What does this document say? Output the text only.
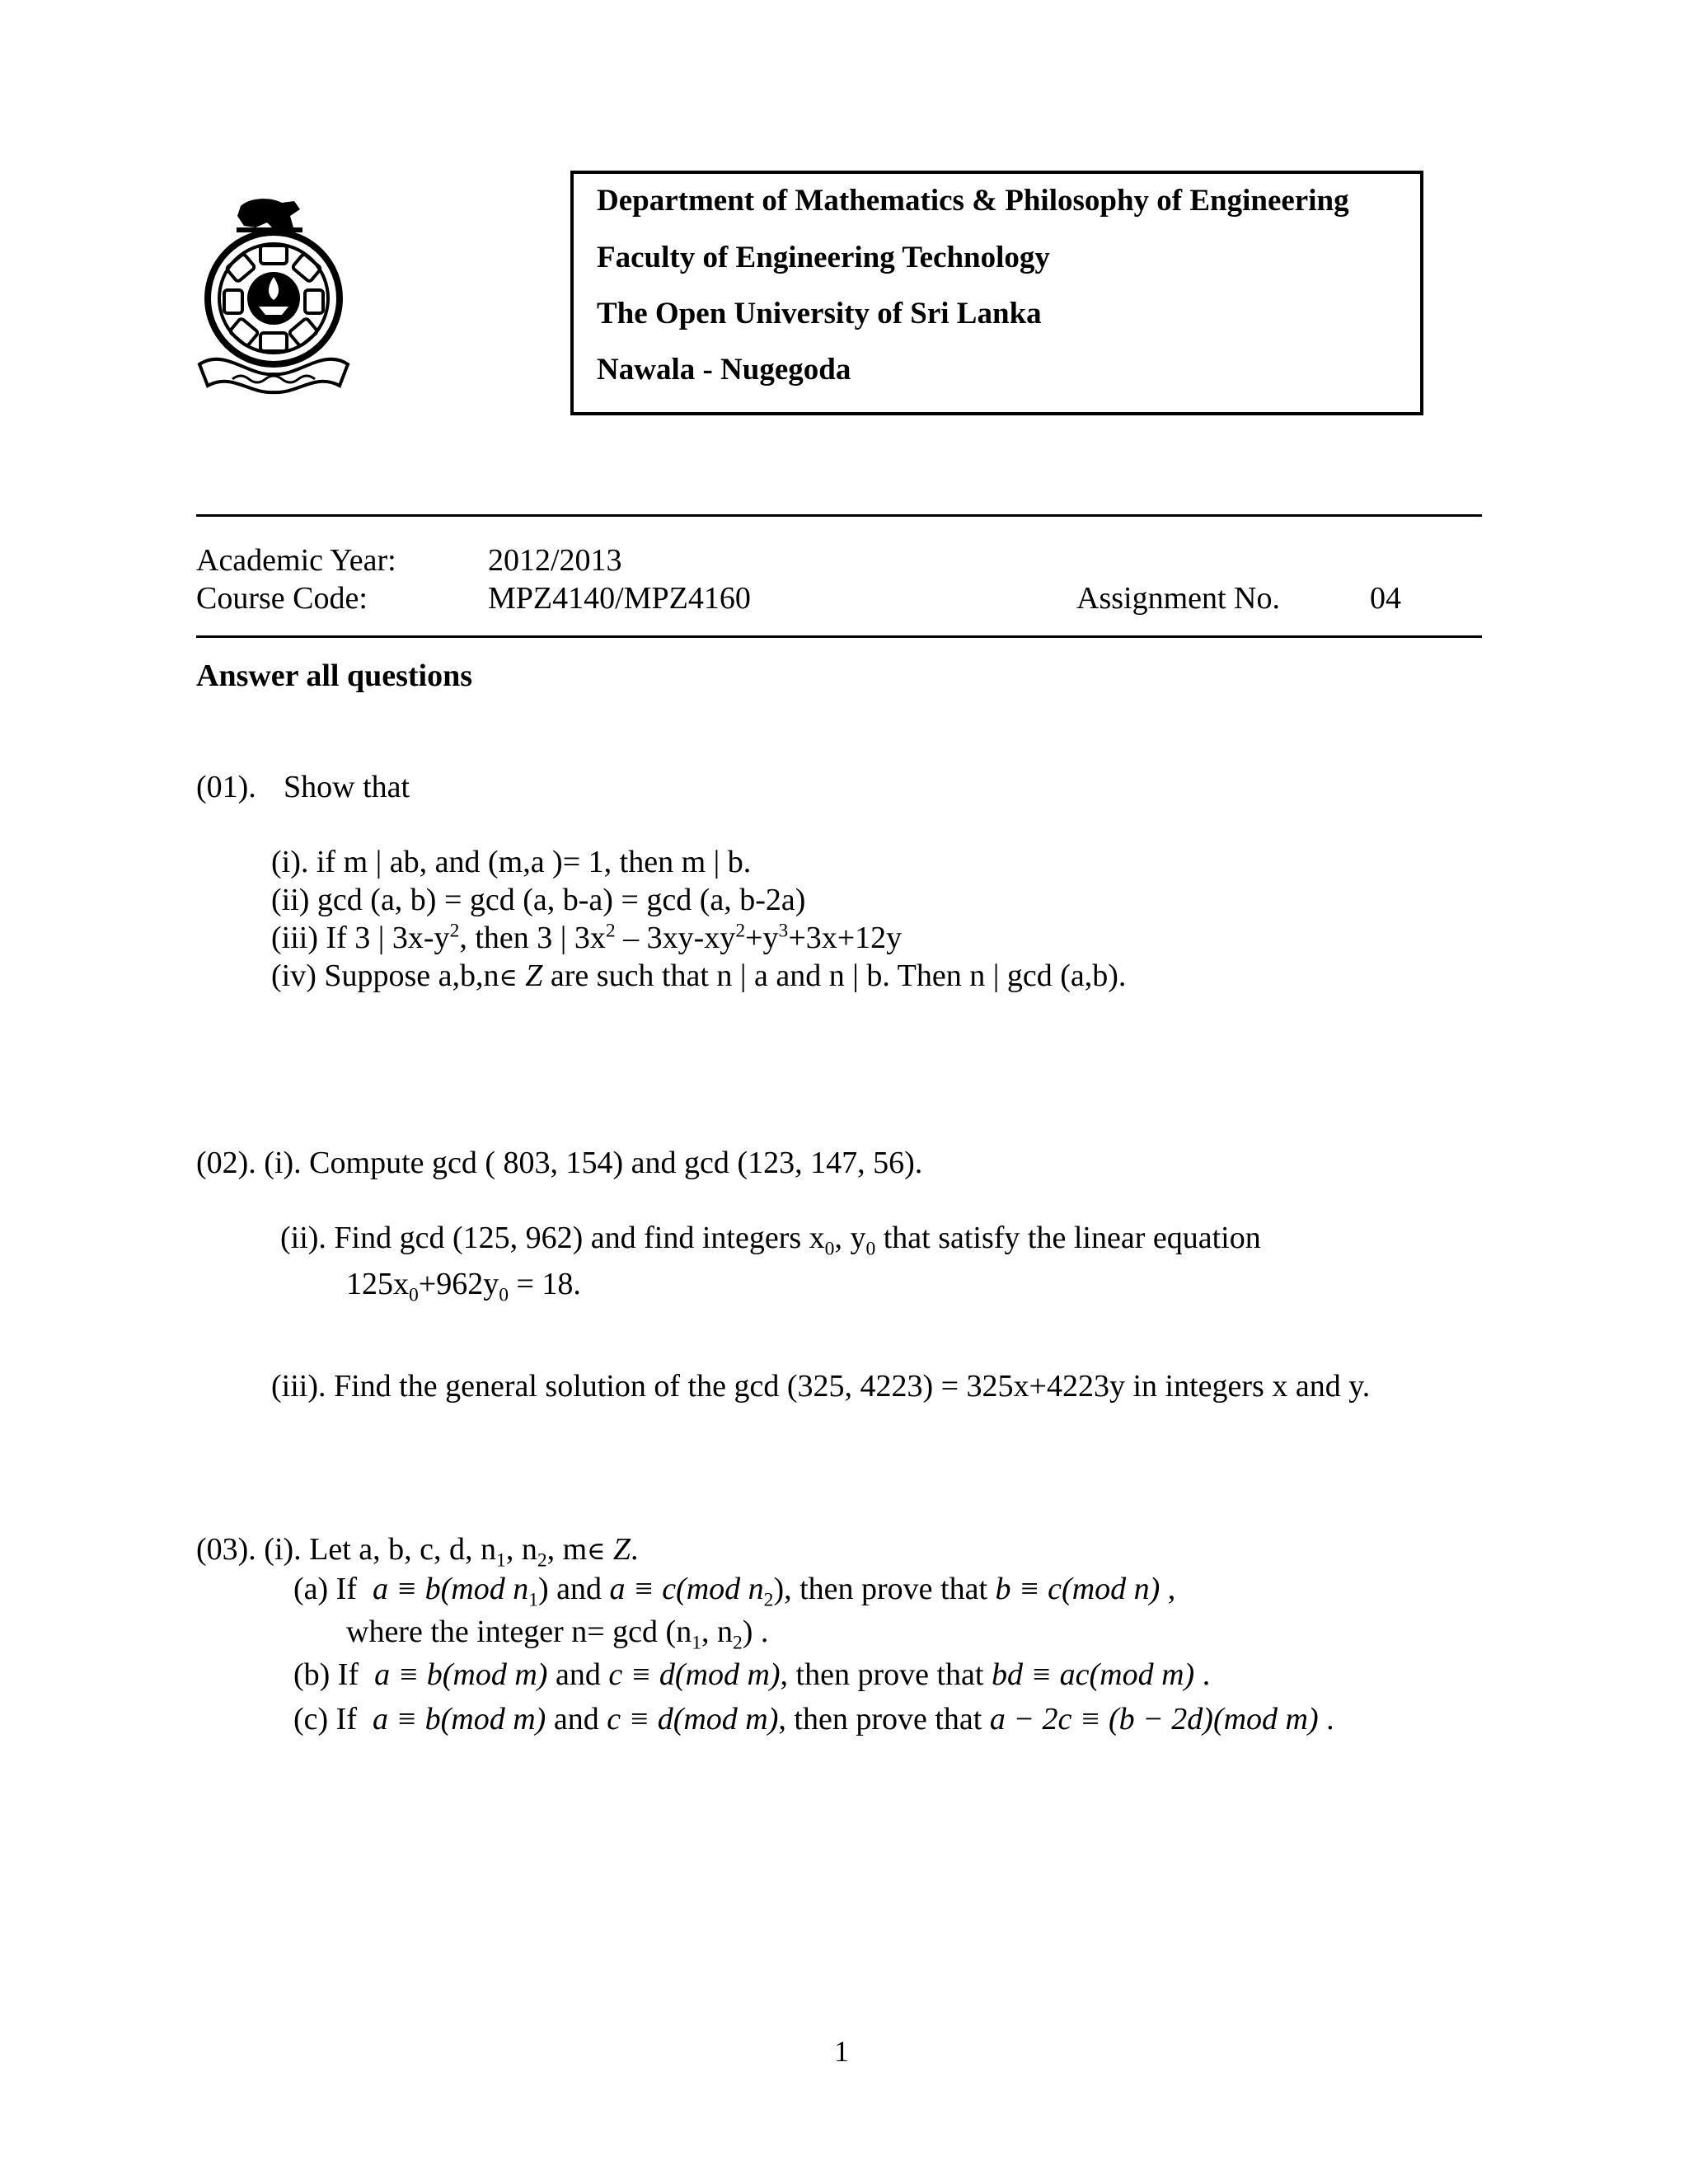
Department of Mathematics & Philosophy of Engineering
Faculty of Engineering Technology
The Open University of Sri Lanka
Nawala - Nugegoda
Academic Year:	2012/2013
Course Code:	MPZ4140/MPZ4160	Assignment No.	04
Answer all questions
(01). Show that
(i). if m | ab, and (m,a )= 1, then m | b.
(ii) gcd (a, b) = gcd (a, b-a) = gcd (a, b-2a)
(iii) If 3 | $3x-y^2$, then 3 | $3x^2 - 3xy-xy^2+y^3+3x+12y$
(iv) Suppose a,b,n∈ Z are such that n | a and n | b. Then n | gcd (a,b).
(02). (i). Compute gcd ( 803, 154) and gcd (123, 147, 56).
(ii). Find gcd (125, 962) and find integers $x_0$, $y_0$ that satisfy the linear equation
$125x_0+962y_0 = 18$.
(iii). Find the general solution of the gcd (325, 4223) = 325x+4223y in integers x and y.
(03). (i). Let a, b, c, d, $n_1$, $n_2$, m∈ Z.
(a) If a ≡ b(mod $n_1$) and a ≡ c(mod $n_2$), then prove that b ≡ c(mod n) ,
where the integer $n= \gcd (n_1$, $n_2$) .
(b) If a ≡ b(mod m) and c ≡ d(mod m), then prove that bd ≡ ac(mod m) .
(c) If a ≡ b(mod m) and c ≡ d(mod m), then prove that a − 2c ≡ (b − 2d)(mod m) .
1
